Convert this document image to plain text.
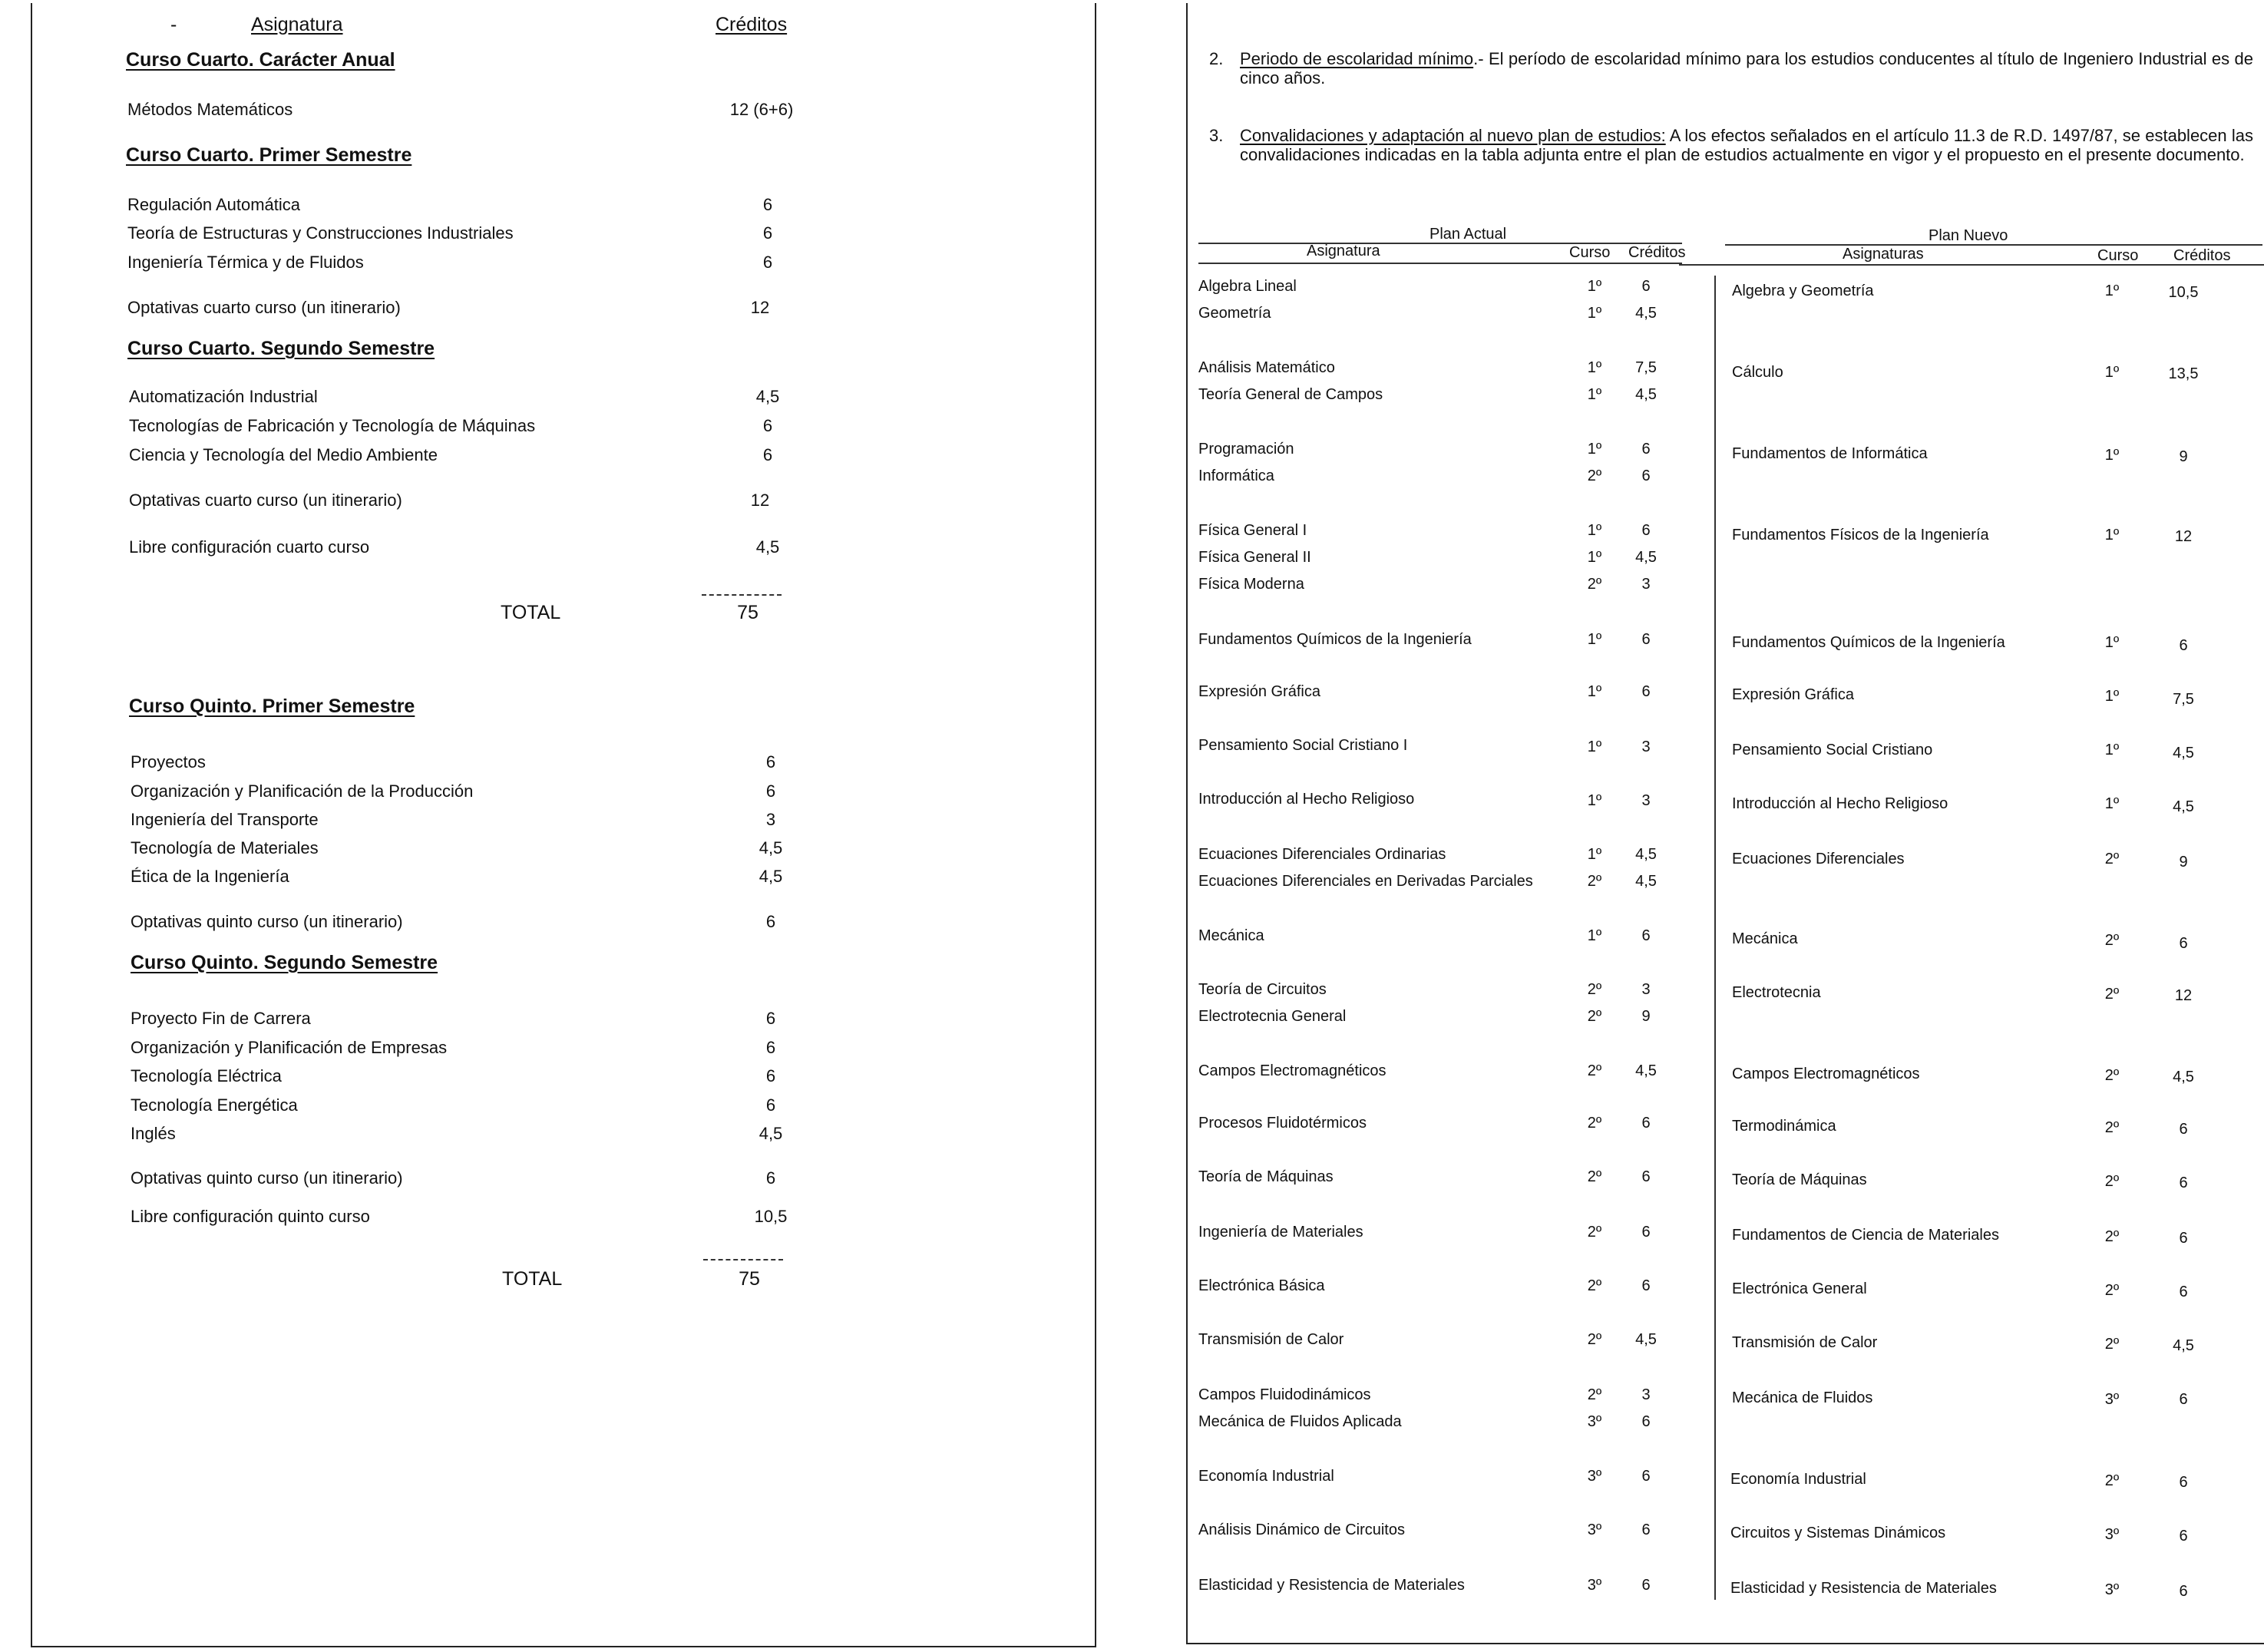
-	Asignatura	Créditos
Curso Cuarto. Carácter Anual
Métodos Matemáticos	12 (6+6)
Curso Cuarto. Primer Semestre
Regulación Automática	6
Teoría de Estructuras y Construcciones Industriales	6
Ingeniería Térmica y de Fluidos	6
Optativas cuarto curso (un itinerario)	12
Curso Cuarto. Segundo Semestre
Automatización Industrial	4,5
Tecnologías de Fabricación y Tecnología de Máquinas	6
Ciencia y Tecnología del Medio Ambiente	6
Optativas cuarto curso (un itinerario)	12
Libre configuración cuarto curso	4,5
TOTAL	75
Curso Quinto. Primer Semestre
Proyectos	6
Organización y Planificación de la Producción	6
Ingeniería del Transporte	3
Tecnología de Materiales	4,5
Ética de la Ingeniería	4,5
Optativas quinto curso (un itinerario)	6
Curso Quinto. Segundo Semestre
Proyecto Fin de Carrera	6
Organización y Planificación de Empresas	6
Tecnología Eléctrica	6
Tecnología Energética	6
Inglés	4,5
Optativas quinto curso (un itinerario)	6
Libre configuración quinto curso	10,5
TOTAL	75
2. Periodo de escolaridad mínimo.- El período de escolaridad mínimo para los estudios conducentes al título de Ingeniero Industrial es de cinco años.
3. Convalidaciones y adaptación al nuevo plan de estudios: A los efectos señalados en el artículo 11.3 de R.D. 1497/87, se establecen las convalidaciones indicadas en la tabla adjunta entre el plan de estudios actualmente en vigor y el propuesto en el presente documento.
Plan Actual	Plan Nuevo
Asignatura	Curso Créditos	Asignaturas	Curso Créditos
Algebra Lineal	1º	6
Geometría	1º	4,5
Algebra y Geometría	1º	10,5
Análisis Matemático	1º	7,5
Teoría General de Campos	1º	4,5
Cálculo	1º	13,5
Programación	1º	6
Informática	2º	6
Fundamentos de Informática	1º	9
Física General I	1º	6
Física General II	1º	4,5
Física Moderna	2º	3
Fundamentos Físicos de la Ingeniería	1º	12
Fundamentos Químicos de la Ingeniería	1º	6	Fundamentos Químicos de la Ingeniería	1º	6
Expresión Gráfica	1º	6	Expresión Gráfica	1º	7,5
Pensamiento Social Cristiano I	1º	3	Pensamiento Social Cristiano	1º	4,5
Introducción al Hecho Religioso	1º	3	Introducción al Hecho Religioso	1º	4,5
Ecuaciones Diferenciales Ordinarias	1º	4,5
Ecuaciones Diferenciales en Derivadas Parciales	2º	4,5
Ecuaciones Diferenciales	2º	9
Mecánica	1º	6	Mecánica	2º	6
Teoría de Circuitos	2º	3
Electrotecnia General	2º	9
Electrotecnia	2º	12
Campos Electromagnéticos	2º	4,5	Campos Electromagnéticos	2º	4,5
Procesos Fluidotérmicos	2º	6	Termodinámica	2º	6
Teoría de Máquinas	2º	6	Teoría de Máquinas	2º	6
Ingeniería de Materiales	2º	6	Fundamentos de Ciencia de Materiales	2º	6
Electrónica Básica	2º	6	Electrónica General	2º	6
Transmisión de Calor	2º	4,5	Transmisión de Calor	2º	4,5
Campos Fluidodinámicos	2º	3
Mecánica de Fluidos Aplicada	3º	6
Mecánica de Fluidos	3º	6
Economía Industrial	3º	6	Economía Industrial	2º	6
Análisis Dinámico de Circuitos	3º	6	Circuitos y Sistemas Dinámicos	3º	6
Elasticidad y Resistencia de Materiales	3º	6	Elasticidad y Resistencia de Materiales	3º	6
